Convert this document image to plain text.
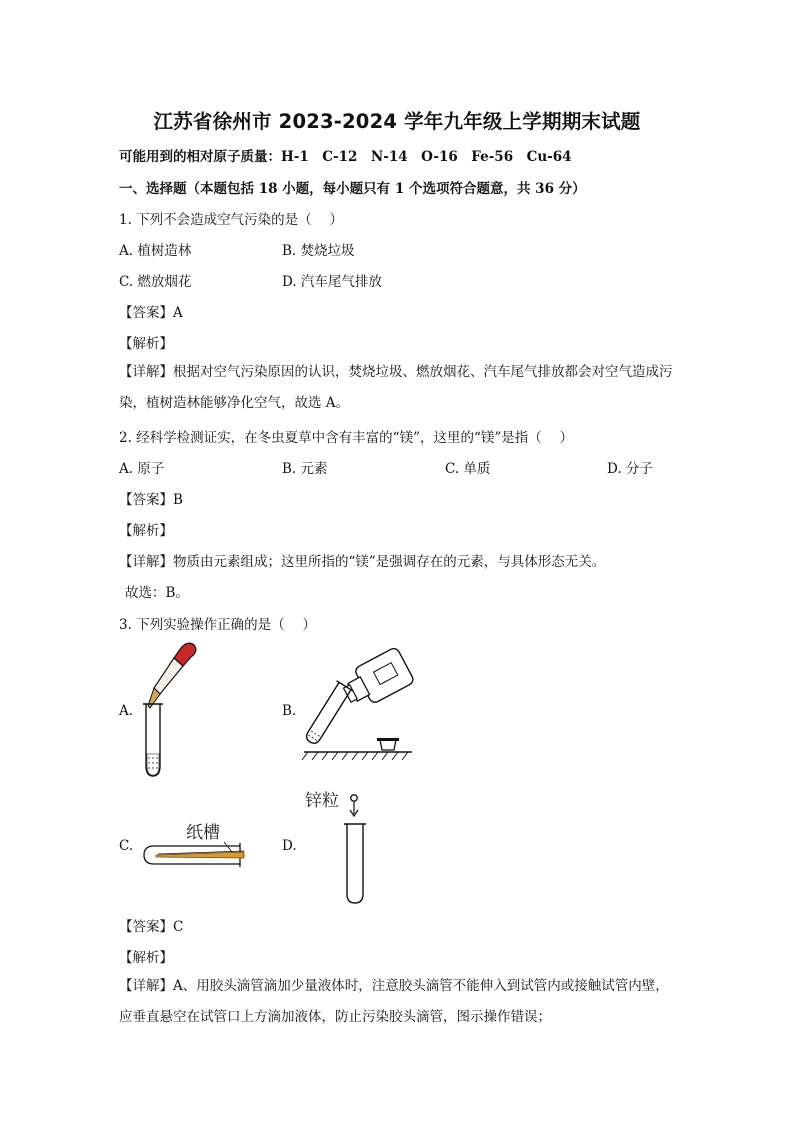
江苏省徐州市 2023-2024 学年九年级上学期期末试题
可能用到的相对原子质量：H-1　C-12　N-14　O-16　Fe-56　Cu-64
一、选择题（本题包括 18 小题，每小题只有 1 个选项符合题意，共 36 分）
1. 下列不会造成空气污染的是（　 ）
A. 植树造林	B. 焚烧垃圾
C. 燃放烟花	D. 汽车尾气排放
【答案】A
【解析】
【详解】根据对空气污染原因的认识，焚烧垃圾、燃放烟花、汽车尾气排放都会对空气造成污染，植树造林能够净化空气，故选 A。
2. 经科学检测证实，在冬虫夏草中含有丰富的“镁”，这里的“镁”是指（　 ）
A. 原子	B. 元素	C. 单质	D. 分子
【答案】B
【解析】
【详解】物质由元素组成；这里所指的“镁”是强调存在的元素，与具体形态无关。
故选：B。
3. 下列实验操作正确的是（　 ）
A.	B.
C.	D.
纸槽
锌粒
【答案】C
【解析】
【详解】A、用胶头滴管滴加少量液体时，注意胶头滴管不能伸入到试管内或接触试管内壁，应垂直悬空在试管口上方滴加液体，防止污染胶头滴管，图示操作错误；
